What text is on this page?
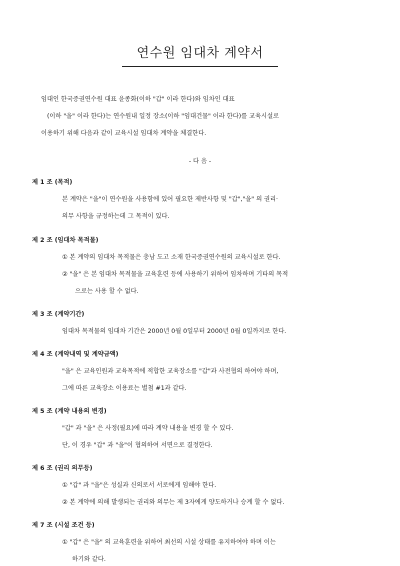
연수원 임대차 계약서
임대인 한국증권연수원 대표 윤종화(이하 "갑" 이라 한다)와 임차인 대표
(이하 "을" 이라 한다)는 연수원내 일정 장소(이하 "임대건물" 이라 한다)를 교육시설로
이용하기 위해 다음과 같이 교육시설 임대차 계약을 체결한다.
- 다 음 -
제 1 조 (목적)
본 계약은 "을"이 연수원을 사용함에 있어 필요한 제반사항 및 "갑","을" 의 권리·
의무 사항을 규정하는데 그 목적이 있다.
제 2 조 (임대차 목적물)
① 본 계약의 임대차 목적물은 충남 도고 소재 한국증권연수원의 교육시설로 한다.
② "을" 은 본 임대차 목적물을 교육훈련 등에 사용하기 위하여 임차하며 기타의 목적
으로는 사용 할 수 없다.
제 3 조 (계약기간)
임대차 목적물의 임대차 기간은 2000년 0월 0일부터 2000년 0월 0일까지로 한다.
제 4 조 (계약내역 및 계약금액)
"을" 은 교육인원과 교육목적에 적합한 교육장소를 "갑"과 사전협의 하여야 하며,
그에 따른 교육장소 이용료는 별첨 #1과 같다.
제 5 조 (계약 내용의 변경)
"갑" 과 "을" 은 사정(필요)에 따라 계약 내용을 변경 할 수 있다.
단, 이 경우 "갑" 과 "을"이 협의하여 서면으로 결정한다.
제 6 조 (권리 의무등)
① "갑" 과 "을"은 성실과 신의로서 서로에게 임해야 한다.
② 본 계약에 의해 발생되는 권리와 의무는 제 3자에게 양도하거나 승계 할 수 없다.
제 7 조 (시설 조건 등)
① "갑" 은 "을" 의 교육훈련을 위하여 최선의 시설 상태를 유지하여야 하며 이는
하기와 같다.
